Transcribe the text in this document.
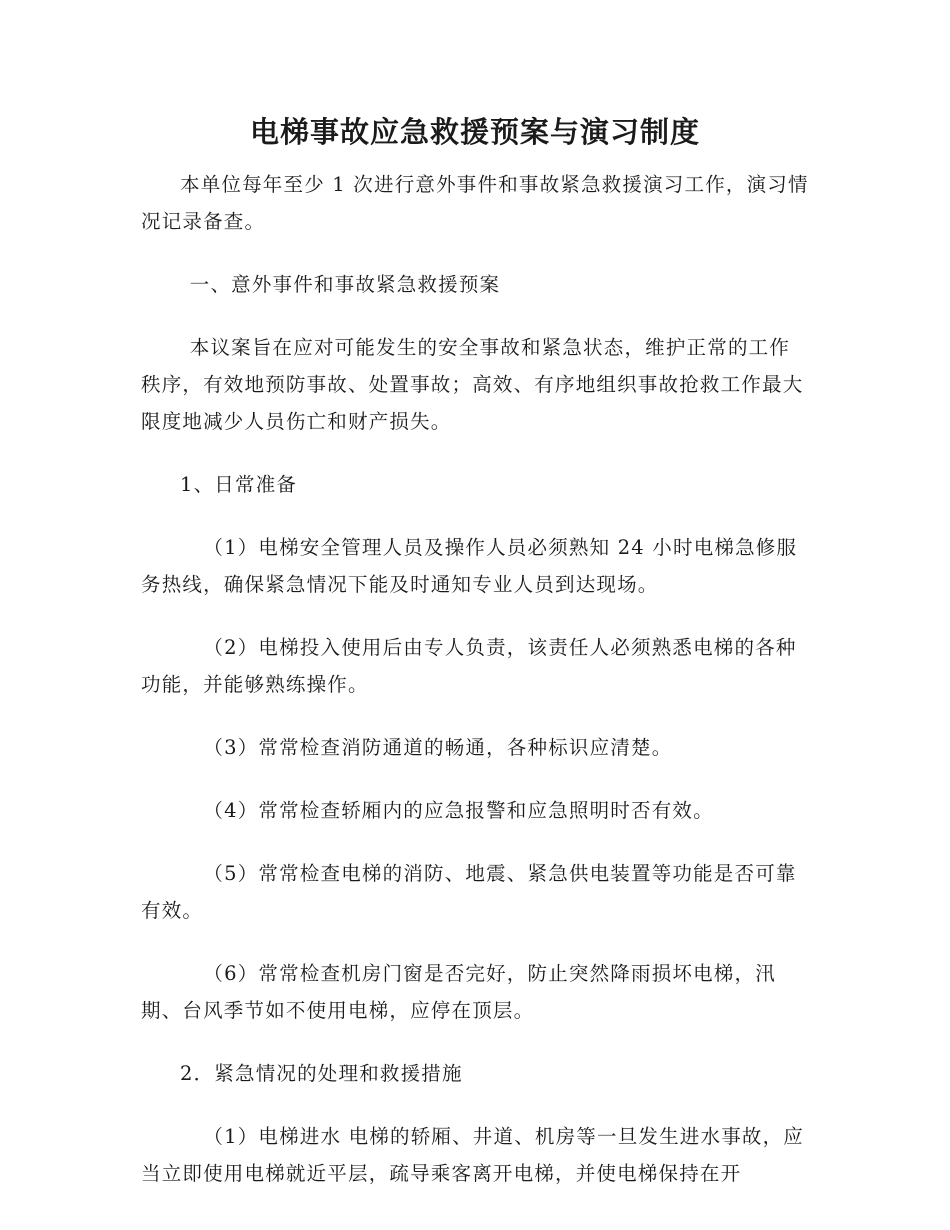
电梯事故应急救援预案与演习制度

本单位每年至少 1 次进行意外事件和事故紧急救援演习工作，演习情况记录备查。

一、意外事件和事故紧急救援预案

本议案旨在应对可能发生的安全事故和紧急状态，维护正常的工作秩序，有效地预防事故、处置事故；高效、有序地组织事故抢救工作最大限度地减少人员伤亡和财产损失。

1、日常准备

（1）电梯安全管理人员及操作人员必须熟知 24 小时电梯急修服务热线，确保紧急情况下能及时通知专业人员到达现场。

（2）电梯投入使用后由专人负责，该责任人必须熟悉电梯的各种功能，并能够熟练操作。

（3）常常检查消防通道的畅通，各种标识应清楚。

（4）常常检查轿厢内的应急报警和应急照明时否有效。

（5）常常检查电梯的消防、地震、紧急供电装置等功能是否可靠有效。

（6）常常检查机房门窗是否完好，防止突然降雨损坏电梯，汛期、台风季节如不使用电梯，应停在顶层。

2．紧急情况的处理和救援措施

（1）电梯进水 电梯的轿厢、井道、机房等一旦发生进水事故，应当立即使用电梯就近平层，疏导乘客离开电梯，并使电梯保持在开
